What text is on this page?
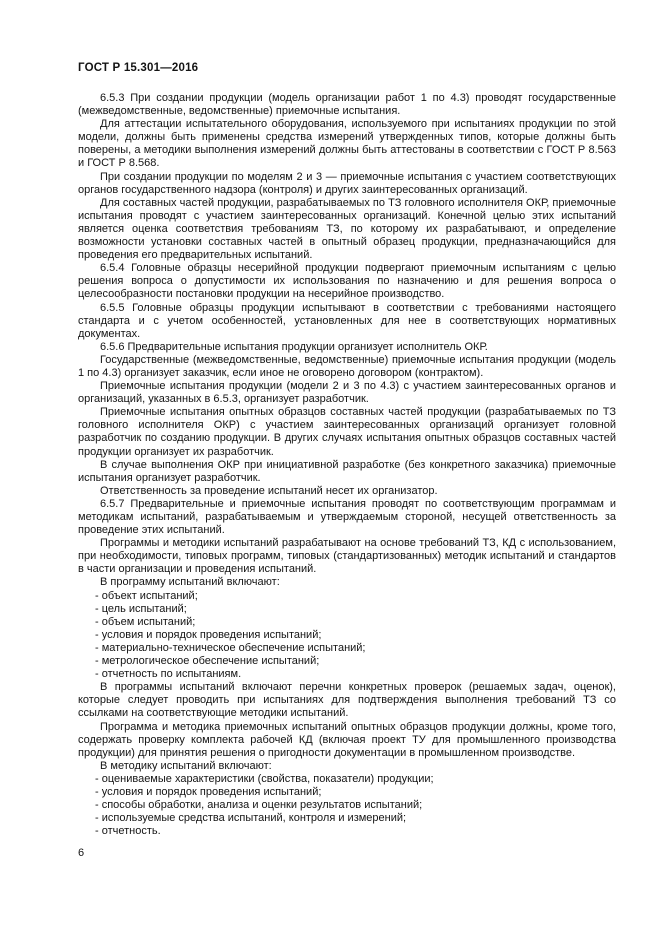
ГОСТ Р 15.301—2016

6.5.3 При создании продукции (модель организации работ 1 по 4.3) проводят государственные (межведомственные, ведомственные) приемочные испытания.

Для аттестации испытательного оборудования, используемого при испытаниях продукции по этой модели, должны быть применены средства измерений утвержденных типов, которые должны быть поверены, а методики выполнения измерений должны быть аттестованы в соответствии с ГОСТ Р 8.563 и ГОСТ Р 8.568.

При создании продукции по моделям 2 и 3 — приемочные испытания с участием соответствующих органов государственного надзора (контроля) и других заинтересованных организаций.

Для составных частей продукции, разрабатываемых по ТЗ головного исполнителя ОКР, приемочные испытания проводят с участием заинтересованных организаций. Конечной целью этих испытаний является оценка соответствия требованиям ТЗ, по которому их разрабатывают, и определение возможности установки составных частей в опытный образец продукции, предназначающийся для проведения его предварительных испытаний.

6.5.4 Головные образцы несерийной продукции подвергают приемочным испытаниям с целью решения вопроса о допустимости их использования по назначению и для решения вопроса о целесообразности постановки продукции на несерийное производство.

6.5.5 Головные образцы продукции испытывают в соответствии с требованиями настоящего стандарта и с учетом особенностей, установленных для нее в соответствующих нормативных документах.

6.5.6 Предварительные испытания продукции организует исполнитель ОКР.

Государственные (межведомственные, ведомственные) приемочные испытания продукции (модель 1 по 4.3) организует заказчик, если иное не оговорено договором (контрактом).

Приемочные испытания продукции (модели 2 и 3 по 4.3) с участием заинтересованных органов и организаций, указанных в 6.5.3, организует разработчик.

Приемочные испытания опытных образцов составных частей продукции (разрабатываемых по ТЗ головного исполнителя ОКР) с участием заинтересованных организаций организует головной разработчик по созданию продукции. В других случаях испытания опытных образцов составных частей продукции организует их разработчик.

В случае выполнения ОКР при инициативной разработке (без конкретного заказчика) приемочные испытания организует разработчик.

Ответственность за проведение испытаний несет их организатор.

6.5.7 Предварительные и приемочные испытания проводят по соответствующим программам и методикам испытаний, разрабатываемым и утверждаемым стороной, несущей ответственность за проведение этих испытаний.

Программы и методики испытаний разрабатывают на основе требований ТЗ, КД с использованием, при необходимости, типовых программ, типовых (стандартизованных) методик испытаний и стандартов в части организации и проведения испытаний.

В программу испытаний включают:

- объект испытаний;

- цель испытаний;

- объем испытаний;

- условия и порядок проведения испытаний;

- материально-техническое обеспечение испытаний;

- метрологическое обеспечение испытаний;

- отчетность по испытаниям.

В программы испытаний включают перечни конкретных проверок (решаемых задач, оценок), которые следует проводить при испытаниях для подтверждения выполнения требований ТЗ со ссылками на соответствующие методики испытаний.

Программа и методика приемочных испытаний опытных образцов продукции должны, кроме того, содержать проверку комплекта рабочей КД (включая проект ТУ для промышленного производства продукции) для принятия решения о пригодности документации в промышленном производстве.

В методику испытаний включают:

- оцениваемые характеристики (свойства, показатели) продукции;

- условия и порядок проведения испытаний;

- способы обработки, анализа и оценки результатов испытаний;

- используемые средства испытаний, контроля и измерений;

- отчетность.

6
